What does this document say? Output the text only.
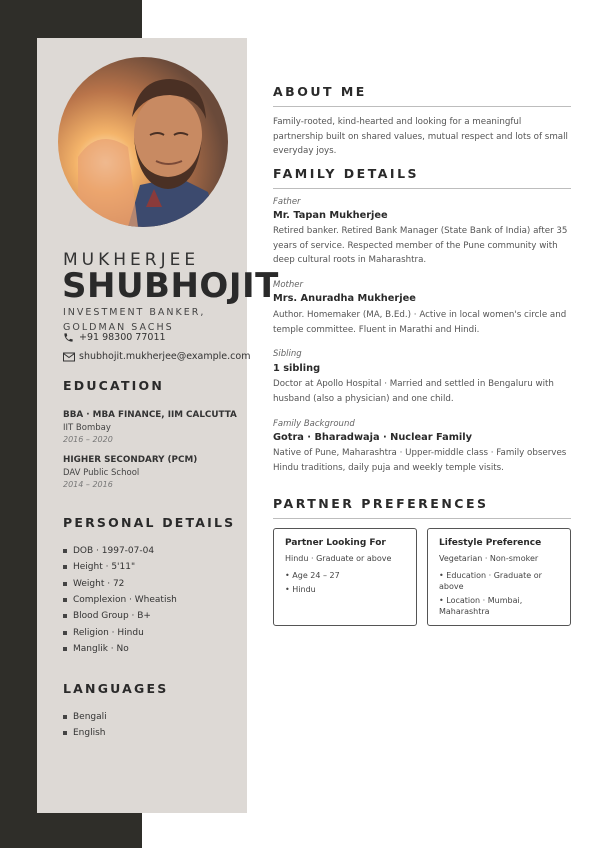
MUKHERJEE
SHUBHOJIT
INVESTMENT BANKER,
GOLDMAN SACHS
+91 98300 77011
shubhojit.mukherjee@example.com
EDUCATION
BBA · MBA FINANCE, IIM CALCUTTA
IIT Bombay
2016 – 2020
HIGHER SECONDARY (PCM)
DAV Public School
2014 – 2016
PERSONAL DETAILS
DOB · 1997-07-04
Height · 5'11"
Weight · 72
Complexion · Wheatish
Blood Group · B+
Religion · Hindu
Manglik · No
LANGUAGES
Bengali
English
ABOUT ME
Family-rooted, kind-hearted and looking for a meaningful partnership built on shared values, mutual respect and lots of small everyday joys.
FAMILY DETAILS
Father
Mr. Tapan Mukherjee
Retired banker. Retired Bank Manager (State Bank of India) after 35 years of service. Respected member of the Pune community with deep cultural roots in Maharashtra.
Mother
Mrs. Anuradha Mukherjee
Author. Homemaker (MA, B.Ed.) · Active in local women's circle and temple committee. Fluent in Marathi and Hindi.
Sibling
1 sibling
Doctor at Apollo Hospital · Married and settled in Bengaluru with husband (also a physician) and one child.
Family Background
Gotra · Bharadwaja · Nuclear Family
Native of Pune, Maharashtra · Upper-middle class · Family observes Hindu traditions, daily puja and weekly temple visits.
PARTNER PREFERENCES
Partner Looking For
Hindu · Graduate or above
• Age 24 – 27
• Hindu
Lifestyle Preference
Vegetarian · Non-smoker
• Education · Graduate or above
• Location · Mumbai, Maharashtra
